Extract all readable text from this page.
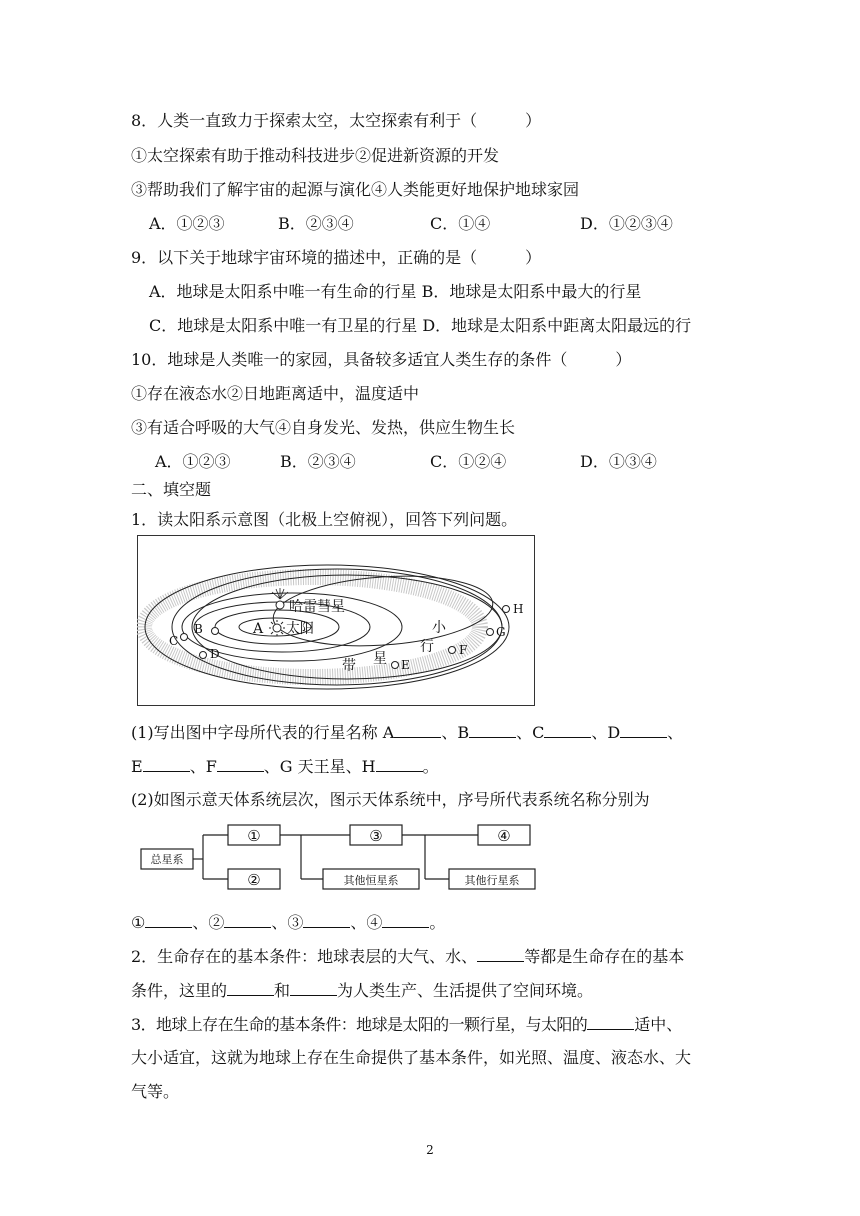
8．人类一直致力于探索太空，太空探索有利于（　　　）
①太空探索有助于推动科技进步②促进新资源的开发
③帮助我们了解宇宙的起源与演化④人类能更好地保护地球家园
A．①②③	B．②③④	C．①④	D．①②③④
9．以下关于地球宇宙环境的描述中，正确的是（　　　）
A．地球是太阳系中唯一有生命的行星 B．地球是太阳系中最大的行星
C．地球是太阳系中唯一有卫星的行星 D．地球是太阳系中距离太阳最远的行
10．地球是人类唯一的家园，具备较多适宜人类生存的条件（　　　）
①存在液态水②日地距离适中，温度适中
③有适合呼吸的大气④自身发光、发热，供应生物生长
A．①②③	B．②③④	C．①②④	D．①③④
二、填空题
1．读太阳系示意图（北极上空俯视），回答下列问题。
A 太阳
哈雷彗星
小
行
带 星
B
C
D
E
F
G
H
(1)写出图中字母所代表的行星名称 A	、B	、C	、D	、
E	、F	、G 天王星、H	。
(2)如图示意天体系统层次，图示天体系统中，序号所代表系统名称分别为
总星系
其他恒星系	其他行星系
①
②
③	④
①	、②	、③	、④	。
2．生命存在的基本条件：地球表层的大气、水、	等都是生命存在的基本
条件，这里的	和	为人类生产、生活提供了空间环境。
3．地球上存在生命的基本条件：地球是太阳的一颗行星，与太阳的	适中、
大小适宜，这就为地球上存在生命提供了基本条件，如光照、温度、液态水、大
气等。
2
